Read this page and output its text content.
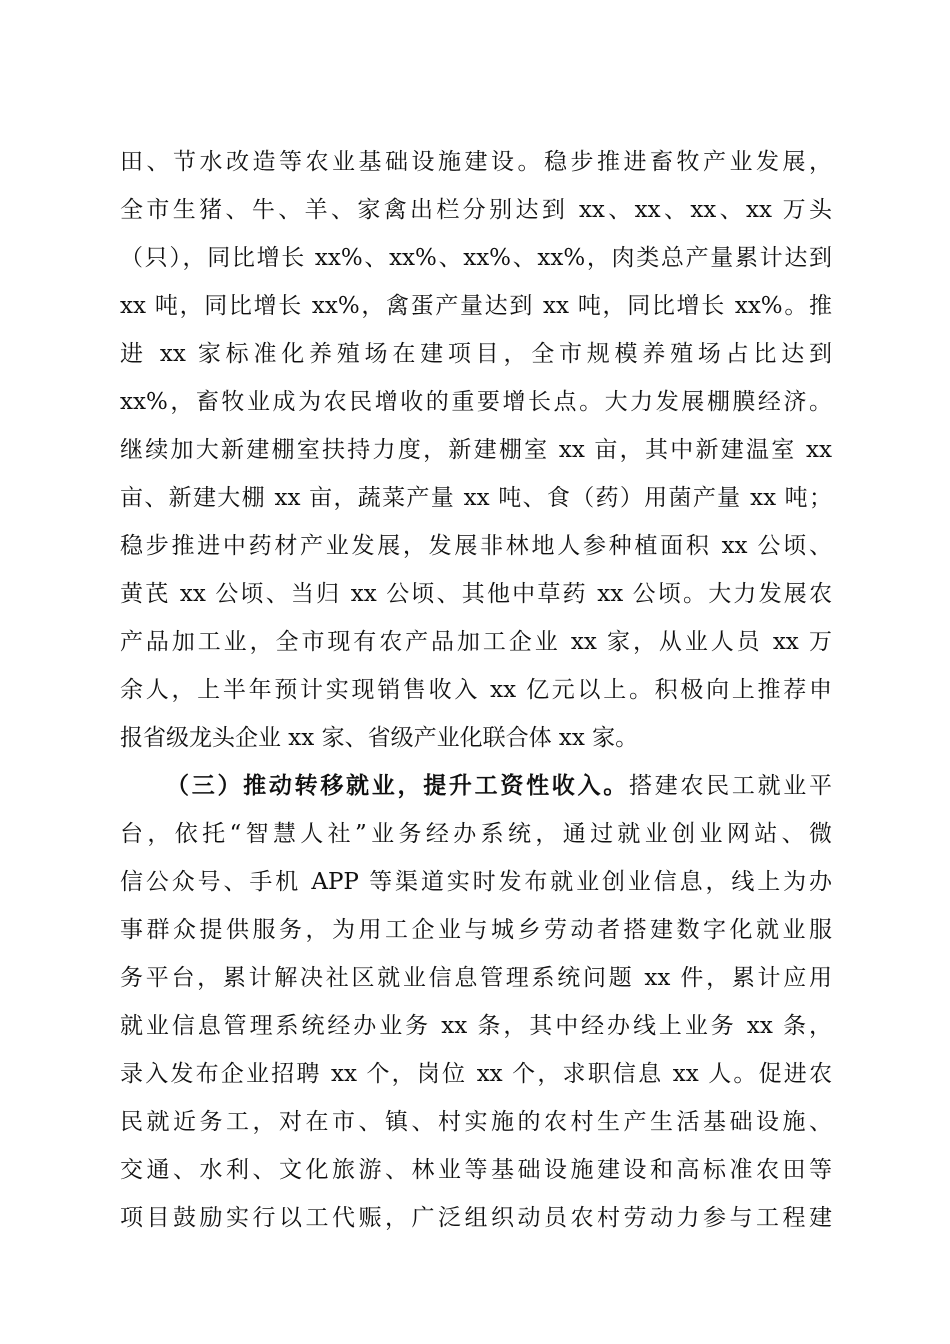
田、节水改造等农业基础设施建设。稳步推进畜牧产业发展，
全市生猪、牛、羊、家禽出栏分别达到 xx、xx、xx、xx 万头
（只），同比增长 xx%、xx%、xx%、xx%，肉类总产量累计达到
xx 吨，同比增长 xx%，禽蛋产量达到 xx 吨，同比增长 xx%。推
进 xx 家标准化养殖场在建项目，全市规模养殖场占比达到
xx%，畜牧业成为农民增收的重要增长点。大力发展棚膜经济。
继续加大新建棚室扶持力度，新建棚室 xx 亩，其中新建温室 xx
亩、新建大棚 xx 亩，蔬菜产量 xx 吨、食（药）用菌产量 xx 吨；
稳步推进中药材产业发展，发展非林地人参种植面积 xx 公顷、
黄芪 xx 公顷、当归 xx 公顷、其他中草药 xx 公顷。大力发展农
产品加工业，全市现有农产品加工企业 xx 家，从业人员 xx 万
余人，上半年预计实现销售收入 xx 亿元以上。积极向上推荐申
报省级龙头企业 xx 家、省级产业化联合体 xx 家。
（三）推动转移就业，提升工资性收入。搭建农民工就业平
台，依托“智慧人社”业务经办系统，通过就业创业网站、微
信公众号、手机 APP 等渠道实时发布就业创业信息，线上为办
事群众提供服务，为用工企业与城乡劳动者搭建数字化就业服
务平台，累计解决社区就业信息管理系统问题 xx 件，累计应用
就业信息管理系统经办业务 xx 条，其中经办线上业务 xx 条，
录入发布企业招聘 xx 个，岗位 xx 个，求职信息 xx 人。促进农
民就近务工，对在市、镇、村实施的农村生产生活基础设施、
交通、水利、文化旅游、林业等基础设施建设和高标准农田等
项目鼓励实行以工代赈，广泛组织动员农村劳动力参与工程建
